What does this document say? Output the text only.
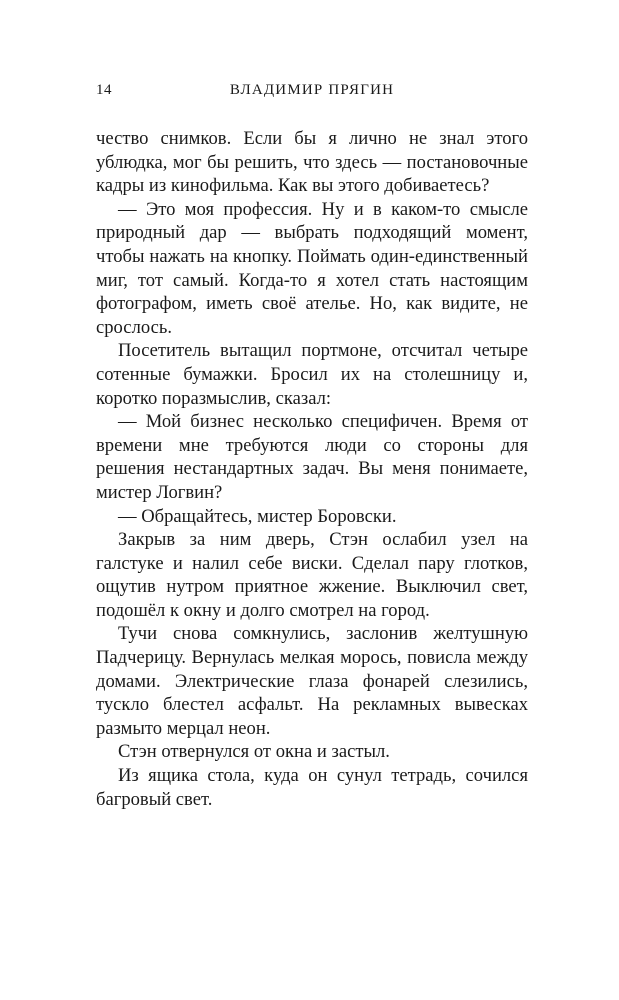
14	ВЛАДИМИР ПРЯГИН

чество снимков. Если бы я лично не знал этого ублюдка, мог бы решить, что здесь — постановочные кадры из кинофильма. Как вы этого добиваетесь?

— Это моя профессия. Ну и в каком-то смысле природный дар — выбрать подходящий момент, чтобы нажать на кнопку. Поймать один-единственный миг, тот самый. Когда-то я хотел стать настоящим фотографом, иметь своё ателье. Но, как видите, не срослось.

Посетитель вытащил портмоне, отсчитал четыре сотенные бумажки. Бросил их на столешницу и, коротко поразмыслив, сказал:

— Мой бизнес несколько специфичен. Время от времени мне требуются люди со стороны для решения нестандартных задач. Вы меня понимаете, мистер Логвин?

— Обращайтесь, мистер Боровски.

Закрыв за ним дверь, Стэн ослабил узел на галстуке и налил себе виски. Сделал пару глотков, ощутив нутром приятное жжение. Выключил свет, подошёл к окну и долго смотрел на город.

Тучи снова сомкнулись, заслонив желтушную Падчерицу. Вернулась мелкая морось, повисла между домами. Электрические глаза фонарей слезились, тускло блестел асфальт. На рекламных вывесках размыто мерцал неон.

Стэн отвернулся от окна и застыл.

Из ящика стола, куда он сунул тетрадь, сочился багровый свет.
